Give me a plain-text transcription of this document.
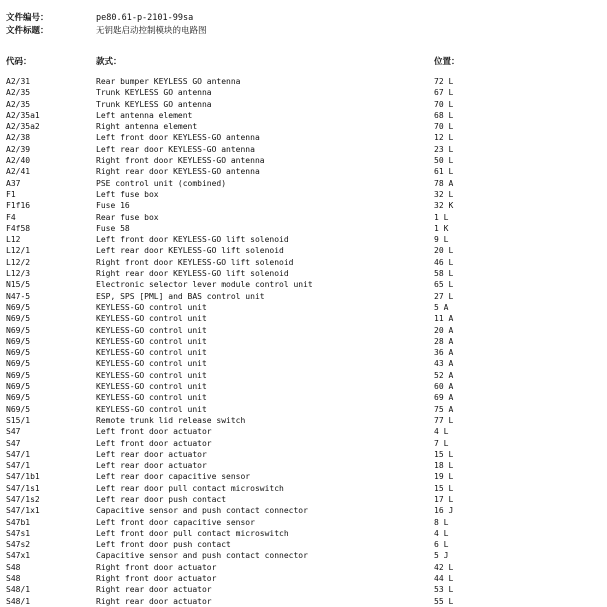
文件编号：	pe80.61-p-2101-99sa
文件标题：	无钥匙启动控制模块的电路图
代码：	款式：	位置：
A2/31	Rear bumper KEYLESS GO antenna	72 L
A2/35	Trunk KEYLESS GO antenna	67 L
A2/35	Trunk KEYLESS GO antenna	70 L
A2/35a1	Left antenna element	68 L
A2/35a2	Right antenna element	70 L
A2/38	Left front door KEYLESS-GO antenna	12 L
A2/39	Left rear door KEYLESS-GO antenna	23 L
A2/40	Right front door KEYLESS-GO antenna	50 L
A2/41	Right rear door KEYLESS-GO antenna	61 L
A37	PSE control unit (combined)	78 A
F1	Left fuse box	32 L
F1f16	Fuse 16	32 K
F4	Rear fuse box	1 L
F4f58	Fuse 58	1 K
L12	Left front door KEYLESS-GO lift solenoid	9 L
L12/1	Left rear door KEYLESS-GO lift solenoid	20 L
L12/2	Right front door KEYLESS-GO lift solenoid	46 L
L12/3	Right rear door KEYLESS-GO lift solenoid	58 L
N15/5	Electronic selector lever module control unit	65 L
N47-5	ESP, SPS [PML] and BAS control unit	27 L
N69/5	KEYLESS-GO control unit	5 A
N69/5	KEYLESS-GO control unit	11 A
N69/5	KEYLESS-GO control unit	20 A
N69/5	KEYLESS-GO control unit	28 A
N69/5	KEYLESS-GO control unit	36 A
N69/5	KEYLESS-GO control unit	43 A
N69/5	KEYLESS-GO control unit	52 A
N69/5	KEYLESS-GO control unit	60 A
N69/5	KEYLESS-GO control unit	69 A
N69/5	KEYLESS-GO control unit	75 A
S15/1	Remote trunk lid release switch	77 L
S47	Left front door actuator	4 L
S47	Left front door actuator	7 L
S47/1	Left rear door actuator	15 L
S47/1	Left rear door actuator	18 L
S47/1b1	Left rear door capacitive sensor	19 L
S47/1s1	Left rear door pull contact microswitch	15 L
S47/1s2	Left rear door push contact	17 L
S47/1x1	Capacitive sensor and push contact connector	16 J
S47b1	Left front door capacitive sensor	8 L
S47s1	Left front door pull contact microswitch	4 L
S47s2	Left front door push contact	6 L
S47x1	Capacitive sensor and push contact connector	5 J
S48	Right front door actuator	42 L
S48	Right front door actuator	44 L
S48/1	Right rear door actuator	53 L
S48/1	Right rear door actuator	55 L
